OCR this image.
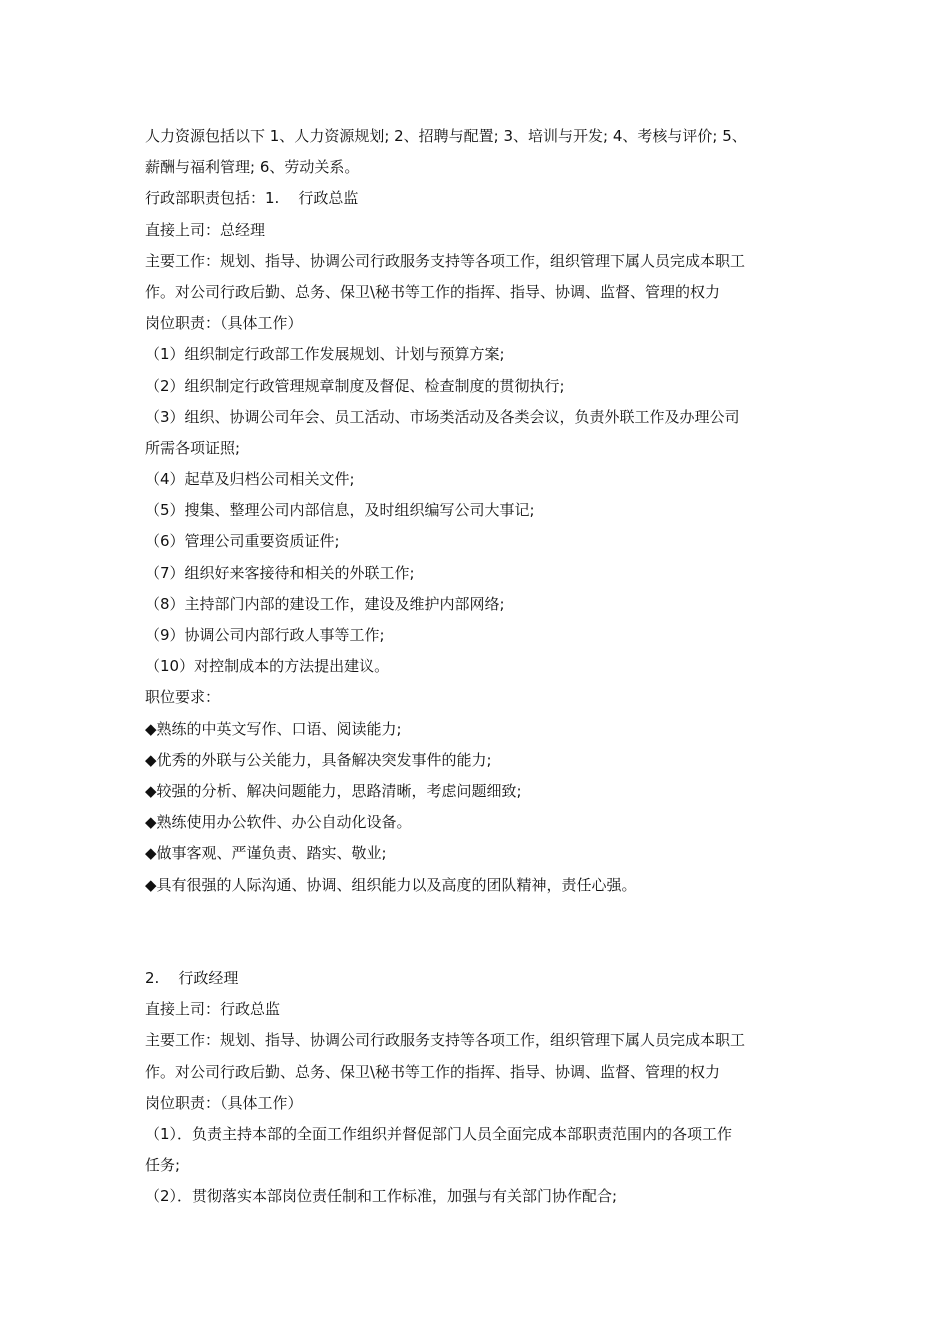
人力资源包括以下 1、人力资源规划; 2、招聘与配置; 3、培训与开发; 4、考核与评价; 5、
薪酬与福利管理; 6、劳动关系。
行政部职责包括：1.    行政总监
直接上司：总经理
主要工作：规划、指导、协调公司行政服务支持等各项工作，组织管理下属人员完成本职工
作。对公司行政后勤、总务、保卫\秘书等工作的指挥、指导、协调、监督、管理的权力
岗位职责：（具体工作）
（1）组织制定行政部工作发展规划、计划与预算方案;
（2）组织制定行政管理规章制度及督促、检查制度的贯彻执行;
（3）组织、协调公司年会、员工活动、市场类活动及各类会议，负责外联工作及办理公司
所需各项证照;
（4）起草及归档公司相关文件;
（5）搜集、整理公司内部信息，及时组织编写公司大事记;
（6）管理公司重要资质证件;
（7）组织好来客接待和相关的外联工作;
（8）主持部门内部的建设工作，建设及维护内部网络;
（9）协调公司内部行政人事等工作;
（10）对控制成本的方法提出建议。
职位要求：
◆熟练的中英文写作、口语、阅读能力;
◆优秀的外联与公关能力，具备解决突发事件的能力;
◆较强的分析、解决问题能力，思路清晰，考虑问题细致;
◆熟练使用办公软件、办公自动化设备。
◆做事客观、严谨负责、踏实、敬业;
◆具有很强的人际沟通、协调、组织能力以及高度的团队精神，责任心强。
2.    行政经理
直接上司：行政总监
主要工作：规划、指导、协调公司行政服务支持等各项工作，组织管理下属人员完成本职工
作。对公司行政后勤、总务、保卫\秘书等工作的指挥、指导、协调、监督、管理的权力
岗位职责：（具体工作）
（1）．负责主持本部的全面工作组织并督促部门人员全面完成本部职责范围内的各项工作
任务;
（2）．贯彻落实本部岗位责任制和工作标准，加强与有关部门协作配合;
